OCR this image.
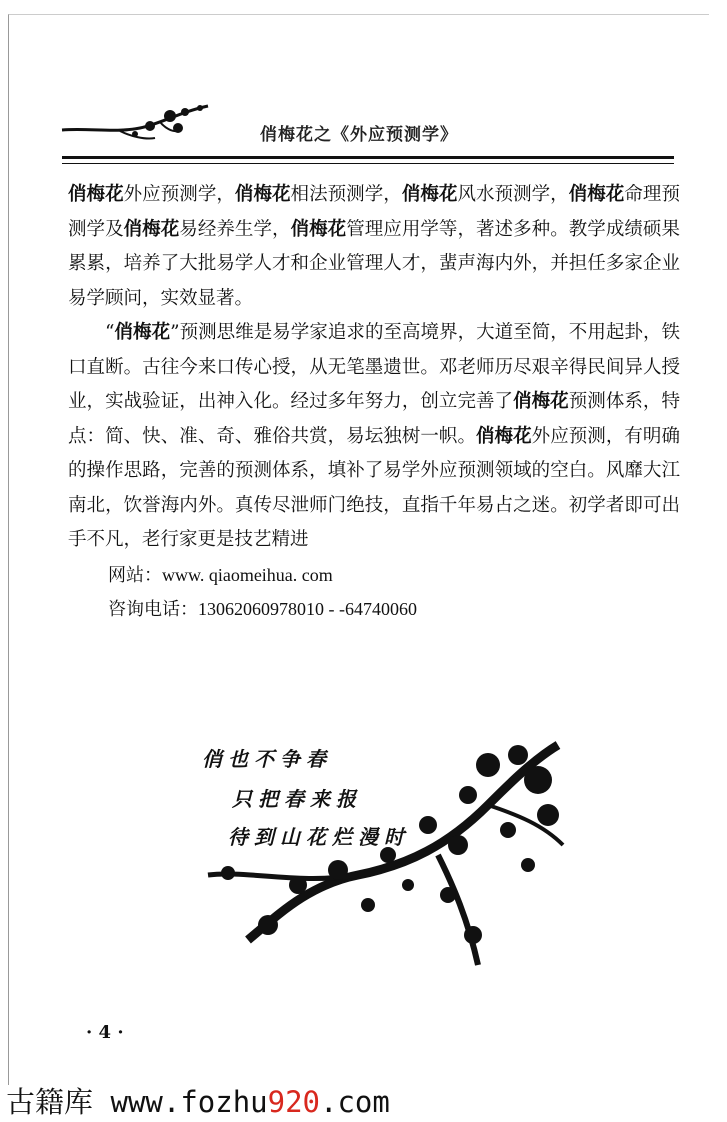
俏梅花之《外应预测学》

俏梅花外应预测学，俏梅花相法预测学，俏梅花风水预测学，俏梅花命理预测学及俏梅花易经养生学，俏梅花管理应用学等，著述多种。教学成绩硕果累累，培养了大批易学人才和企业管理人才，蜚声海内外，并担任多家企业易学顾问，实效显著。

“俏梅花”预测思维是易学家追求的至高境界，大道至简，不用起卦，铁口直断。古往今来口传心授，从无笔墨遗世。邓老师历尽艰辛得民间异人授业，实战验证，出神入化。经过多年努力，创立完善了俏梅花预测体系，特点：简、快、准、奇、雅俗共赏，易坛独树一帜。俏梅花外应预测，有明确的操作思路，完善的预测体系，填补了易学外应预测领域的空白。风靡大江南北，饮誉海内外。真传尽泄师门绝技，直指千年易占之迷。初学者即可出手不凡，老行家更是技艺精进

网站：www. qiaomeihua. com
咨询电话：13062060978010 - -64740060
俏也不争春
只把春来报
待到山花烂漫时
· 4 ·
古籍库 www.fozhu920.com
